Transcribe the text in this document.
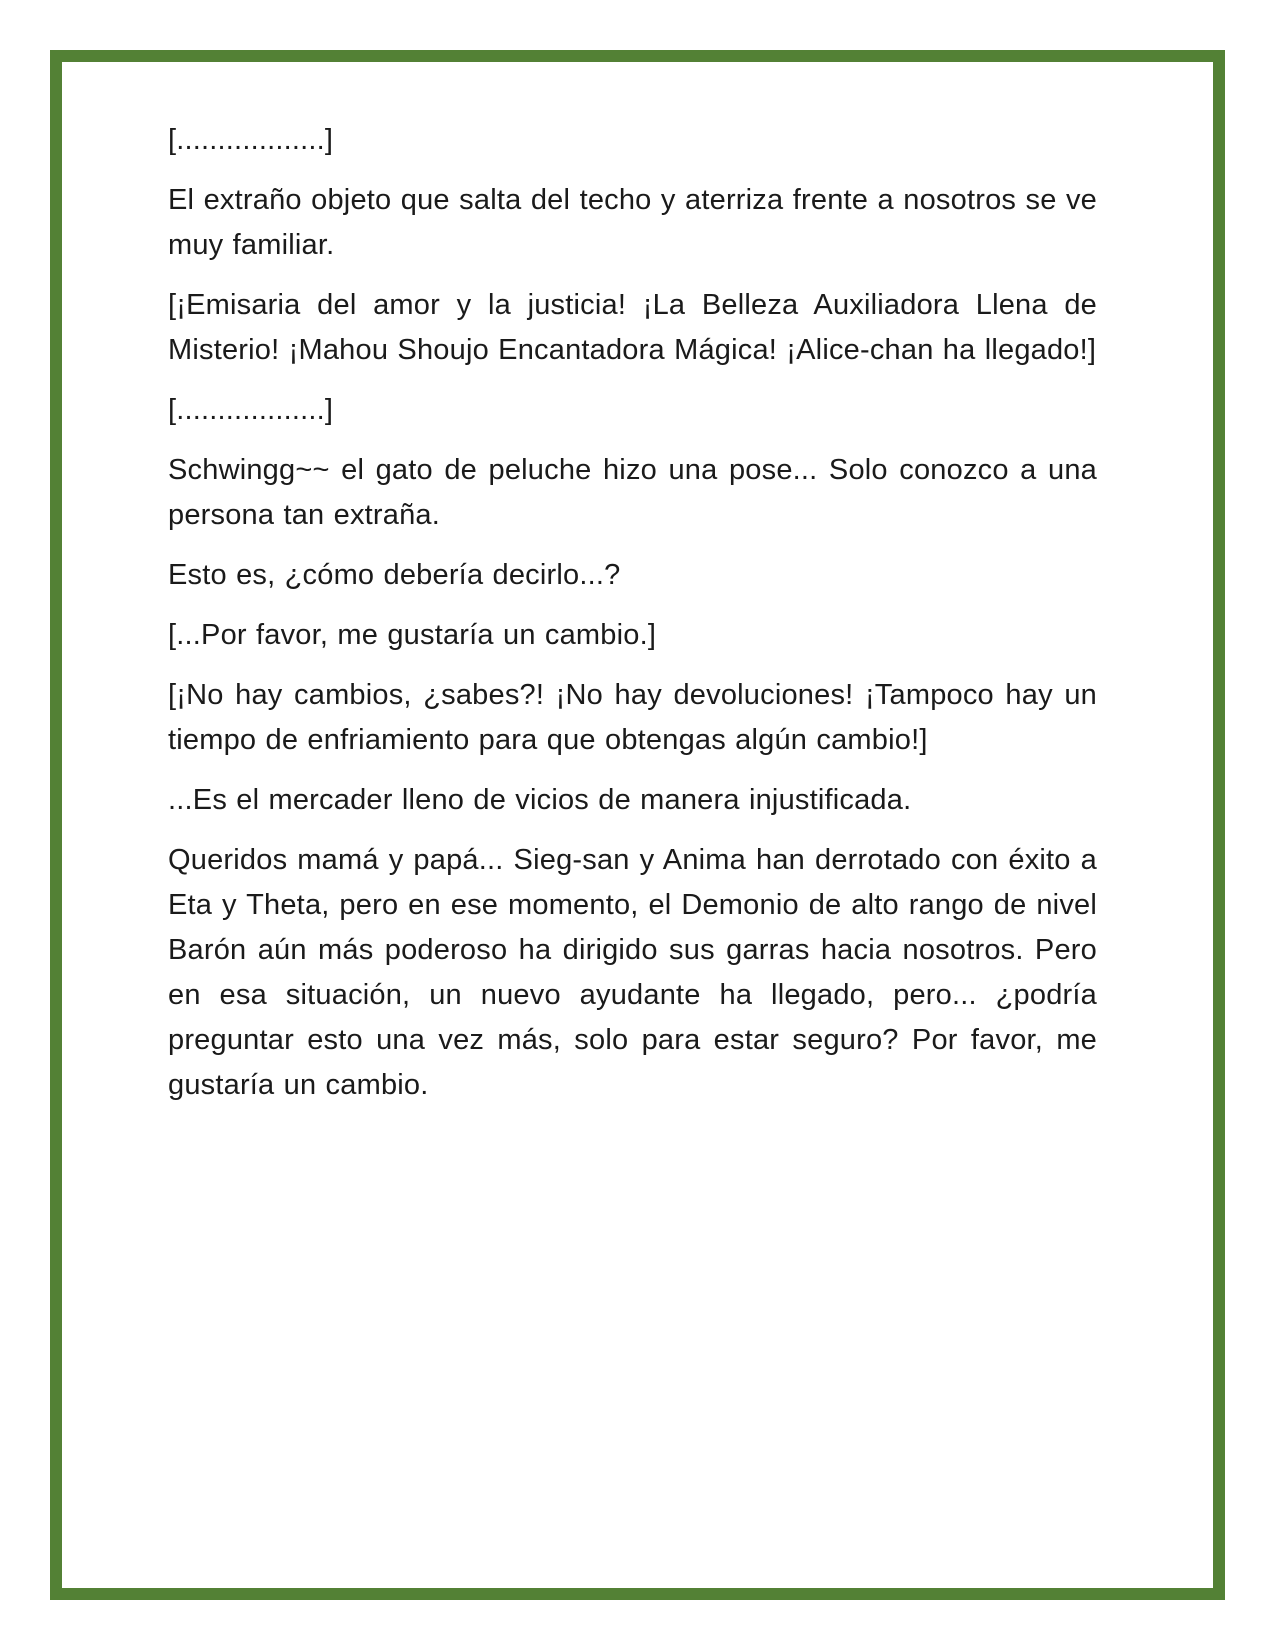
[..................]

El extraño objeto que salta del techo y aterriza frente a nosotros se ve muy familiar.

[¡Emisaria del amor y la justicia! ¡La Belleza Auxiliadora Llena de Misterio! ¡Mahou Shoujo Encantadora Mágica! ¡Alice-chan ha llegado!]

[..................]

Schwingg~~ el gato de peluche hizo una pose... Solo conozco a una persona tan extraña.

Esto es, ¿cómo debería decirlo...?

[...Por favor, me gustaría un cambio.]

[¡No hay cambios, ¿sabes?! ¡No hay devoluciones! ¡Tampoco hay un tiempo de enfriamiento para que obtengas algún cambio!]

...Es el mercader lleno de vicios de manera injustificada.

Queridos mamá y papá... Sieg-san y Anima han derrotado con éxito a Eta y Theta, pero en ese momento, el Demonio de alto rango de nivel Barón aún más poderoso ha dirigido sus garras hacia nosotros. Pero en esa situación, un nuevo ayudante ha llegado, pero... ¿podría preguntar esto una vez más, solo para estar seguro? Por favor, me gustaría un cambio.
